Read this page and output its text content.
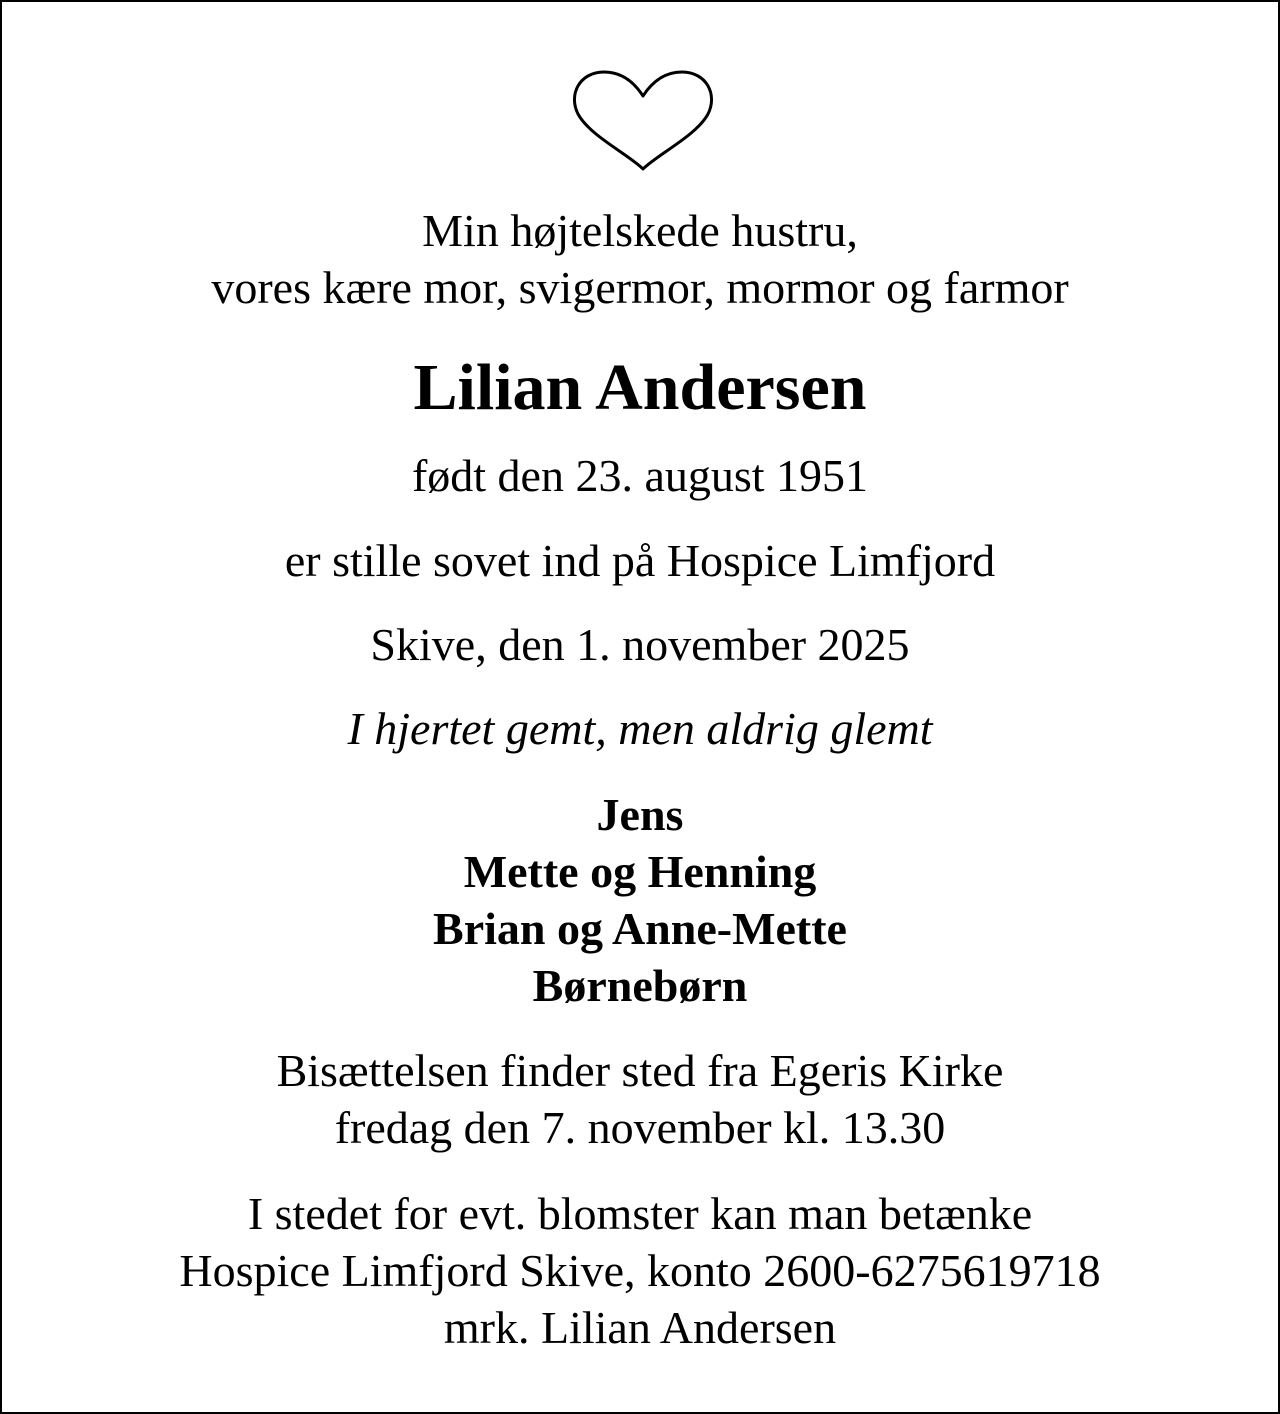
Min højtelskede hustru,
vores kære mor, svigermor, mormor og farmor

Lilian Andersen

født den 23. august 1951

er stille sovet ind på Hospice Limfjord

Skive, den 1. november 2025

I hjertet gemt, men aldrig glemt

Jens
Mette og Henning
Brian og Anne-Mette
Børnebørn

Bisættelsen finder sted fra Egeris Kirke
fredag den 7. november kl. 13.30

I stedet for evt. blomster kan man betænke
Hospice Limfjord Skive, konto 2600-6275619718
mrk. Lilian Andersen
